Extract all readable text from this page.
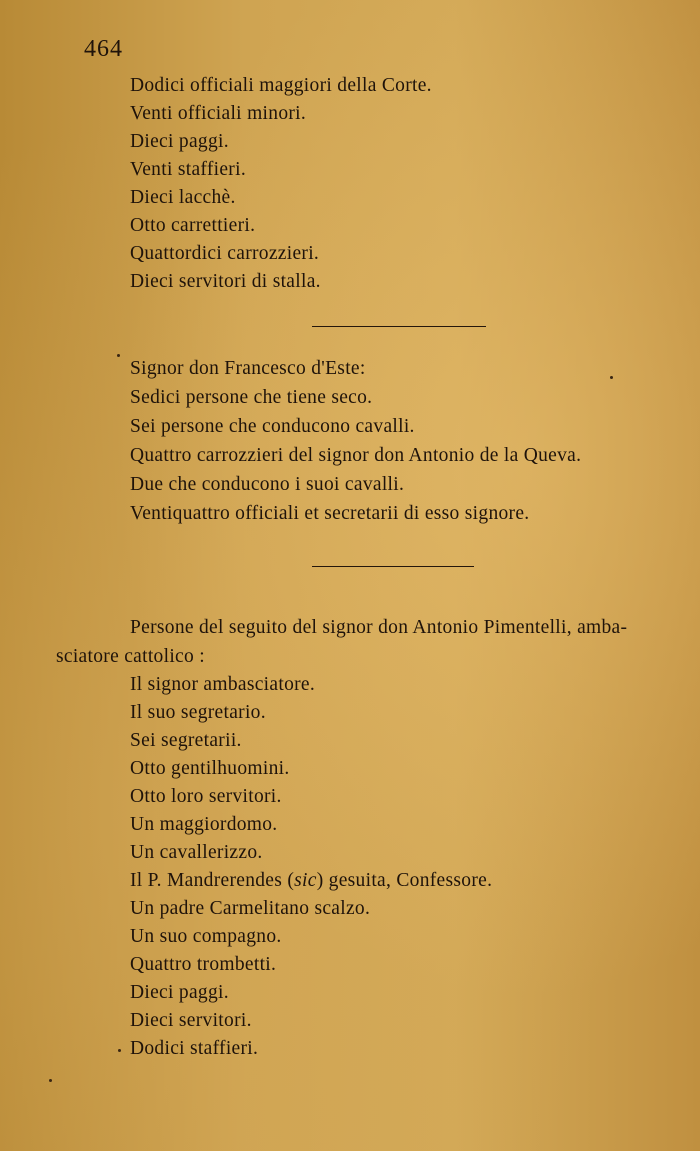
464
Dodici officiali maggiori della Corte.
Venti officiali minori.
Dieci paggi.
Venti staffieri.
Dieci lacchè.
Otto carrettieri.
Quattordici carrozzieri.
Dieci servitori di stalla.
Signor don Francesco d'Este:
Sedici persone che tiene seco.
Sei persone che conducono cavalli.
Quattro carrozzieri del signor don Antonio de la Queva.
Due che conducono i suoi cavalli.
Ventiquattro officiali et secretarii di esso signore.
Persone del seguito del signor don Antonio Pimentelli, amba-
sciatore cattolico :
Il signor ambasciatore.
Il suo segretario.
Sei segretarii.
Otto gentilhuomini.
Otto loro servitori.
Un maggiordomo.
Un cavallerizzo.
Il P. Mandrerendes (sic) gesuita, Confessore.
Un padre Carmelitano scalzo.
Un suo compagno.
Quattro trombetti.
Dieci paggi.
Dieci servitori.
Dodici staffieri.
